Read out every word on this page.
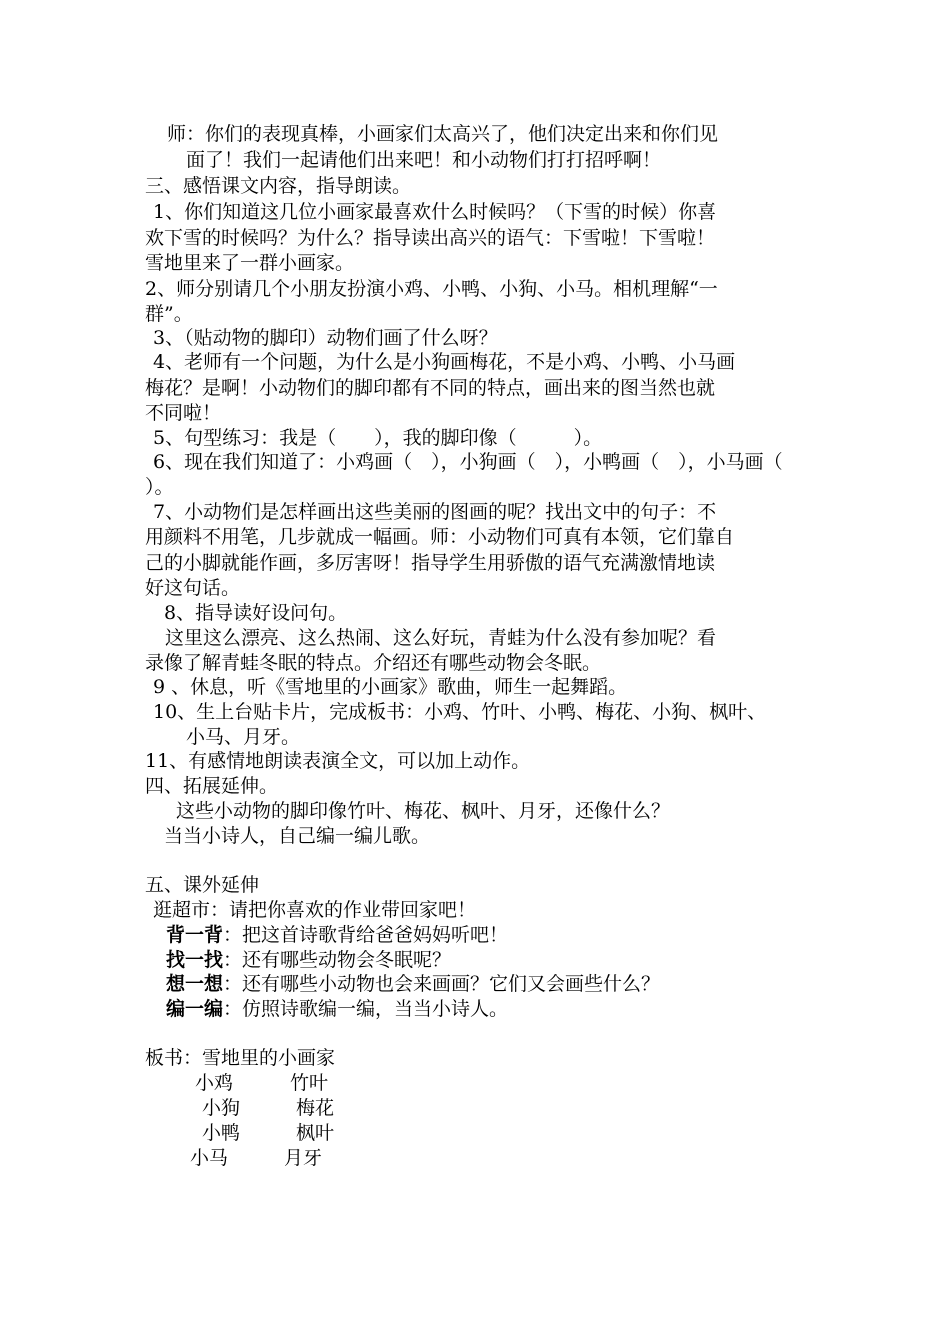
师：你们的表现真棒，小画家们太高兴了，他们决定出来和你们见
面了！我们一起请他们出来吧！和小动物们打打招呼啊！
三、感悟课文内容，指导朗读。
1、你们知道这几位小画家最喜欢什么时候吗？（下雪的时候）你喜
欢下雪的时候吗？为什么？指导读出高兴的语气：下雪啦！下雪啦！
雪地里来了一群小画家。
2、师分别请几个小朋友扮演小鸡、小鸭、小狗、小马。相机理解“一
群”。
3、（贴动物的脚印）动物们画了什么呀？
4、老师有一个问题，为什么是小狗画梅花，不是小鸡、小鸭、小马画
梅花？是啊！小动物们的脚印都有不同的特点，画出来的图当然也就
不同啦！
5、句型练习：我是（　　），我的脚印像（　　　）。
6、现在我们知道了：小鸡画（　），小狗画（　），小鸭画（　），小马画（
）。
7、小动物们是怎样画出这些美丽的图画的呢？找出文中的句子：不
用颜料不用笔，几步就成一幅画。师：小动物们可真有本领，它们靠自
己的小脚就能作画，多厉害呀！指导学生用骄傲的语气充满激情地读
好这句话。
8、指导读好设问句。
这里这么漂亮、这么热闹、这么好玩，青蛙为什么没有参加呢？看
录像了解青蛙冬眠的特点。介绍还有哪些动物会冬眠。
9 、休息，听《雪地里的小画家》歌曲，师生一起舞蹈。
10、生上台贴卡片，完成板书：小鸡、竹叶、小鸭、梅花、小狗、枫叶、
小马、月牙。
11、有感情地朗读表演全文，可以加上动作。
四、拓展延伸。
这些小动物的脚印像竹叶、梅花、枫叶、月牙，还像什么？
当当小诗人，自己编一编儿歌。
五、课外延伸
逛超市：请把你喜欢的作业带回家吧！
背一背：把这首诗歌背给爸爸妈妈听吧！
找一找：还有哪些动物会冬眠呢？
想一想：还有哪些小动物也会来画画？它们又会画些什么？
编一编：仿照诗歌编一编，当当小诗人。
板书：雪地里的小画家
小鸡	竹叶
小狗	梅花
小鸭	枫叶
小马	月牙
